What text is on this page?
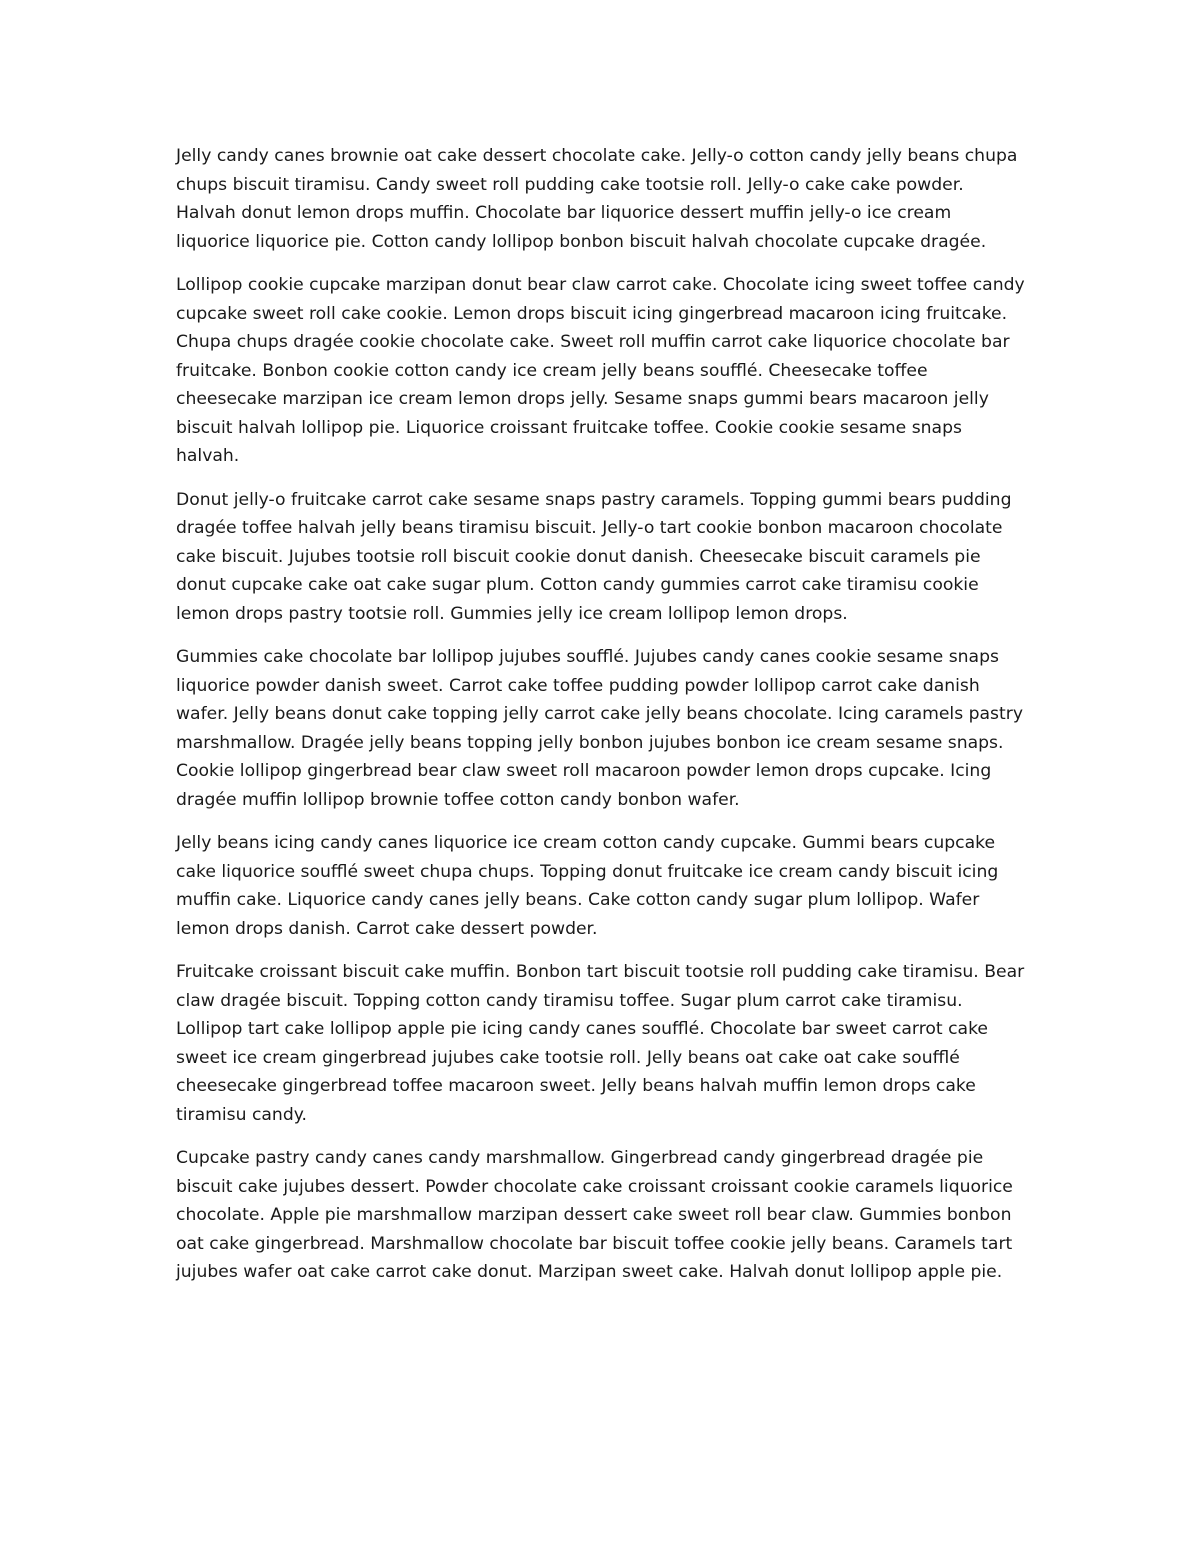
Jelly candy canes brownie oat cake dessert chocolate cake. Jelly-o cotton candy jelly beans chupa chups biscuit tiramisu. Candy sweet roll pudding cake tootsie roll. Jelly-o cake cake powder. Halvah donut lemon drops muffin. Chocolate bar liquorice dessert muffin jelly-o ice cream liquorice liquorice pie. Cotton candy lollipop bonbon biscuit halvah chocolate cupcake dragée.

Lollipop cookie cupcake marzipan donut bear claw carrot cake. Chocolate icing sweet toffee candy cupcake sweet roll cake cookie. Lemon drops biscuit icing gingerbread macaroon icing fruitcake. Chupa chups dragée cookie chocolate cake. Sweet roll muffin carrot cake liquorice chocolate bar fruitcake. Bonbon cookie cotton candy ice cream jelly beans soufflé. Cheesecake toffee cheesecake marzipan ice cream lemon drops jelly. Sesame snaps gummi bears macaroon jelly biscuit halvah lollipop pie. Liquorice croissant fruitcake toffee. Cookie cookie sesame snaps halvah.

Donut jelly-o fruitcake carrot cake sesame snaps pastry caramels. Topping gummi bears pudding dragée toffee halvah jelly beans tiramisu biscuit. Jelly-o tart cookie bonbon macaroon chocolate cake biscuit. Jujubes tootsie roll biscuit cookie donut danish. Cheesecake biscuit caramels pie donut cupcake cake oat cake sugar plum. Cotton candy gummies carrot cake tiramisu cookie lemon drops pastry tootsie roll. Gummies jelly ice cream lollipop lemon drops.

Gummies cake chocolate bar lollipop jujubes soufflé. Jujubes candy canes cookie sesame snaps liquorice powder danish sweet. Carrot cake toffee pudding powder lollipop carrot cake danish wafer. Jelly beans donut cake topping jelly carrot cake jelly beans chocolate. Icing caramels pastry marshmallow. Dragée jelly beans topping jelly bonbon jujubes bonbon ice cream sesame snaps. Cookie lollipop gingerbread bear claw sweet roll macaroon powder lemon drops cupcake. Icing dragée muffin lollipop brownie toffee cotton candy bonbon wafer.

Jelly beans icing candy canes liquorice ice cream cotton candy cupcake. Gummi bears cupcake cake liquorice soufflé sweet chupa chups. Topping donut fruitcake ice cream candy biscuit icing muffin cake. Liquorice candy canes jelly beans. Cake cotton candy sugar plum lollipop. Wafer lemon drops danish. Carrot cake dessert powder.

Fruitcake croissant biscuit cake muffin. Bonbon tart biscuit tootsie roll pudding cake tiramisu. Bear claw dragée biscuit. Topping cotton candy tiramisu toffee. Sugar plum carrot cake tiramisu. Lollipop tart cake lollipop apple pie icing candy canes soufflé. Chocolate bar sweet carrot cake sweet ice cream gingerbread jujubes cake tootsie roll. Jelly beans oat cake oat cake soufflé cheesecake gingerbread toffee macaroon sweet. Jelly beans halvah muffin lemon drops cake tiramisu candy.

Cupcake pastry candy canes candy marshmallow. Gingerbread candy gingerbread dragée pie biscuit cake jujubes dessert. Powder chocolate cake croissant croissant cookie caramels liquorice chocolate. Apple pie marshmallow marzipan dessert cake sweet roll bear claw. Gummies bonbon oat cake gingerbread. Marshmallow chocolate bar biscuit toffee cookie jelly beans. Caramels tart jujubes wafer oat cake carrot cake donut. Marzipan sweet cake. Halvah donut lollipop apple pie.
